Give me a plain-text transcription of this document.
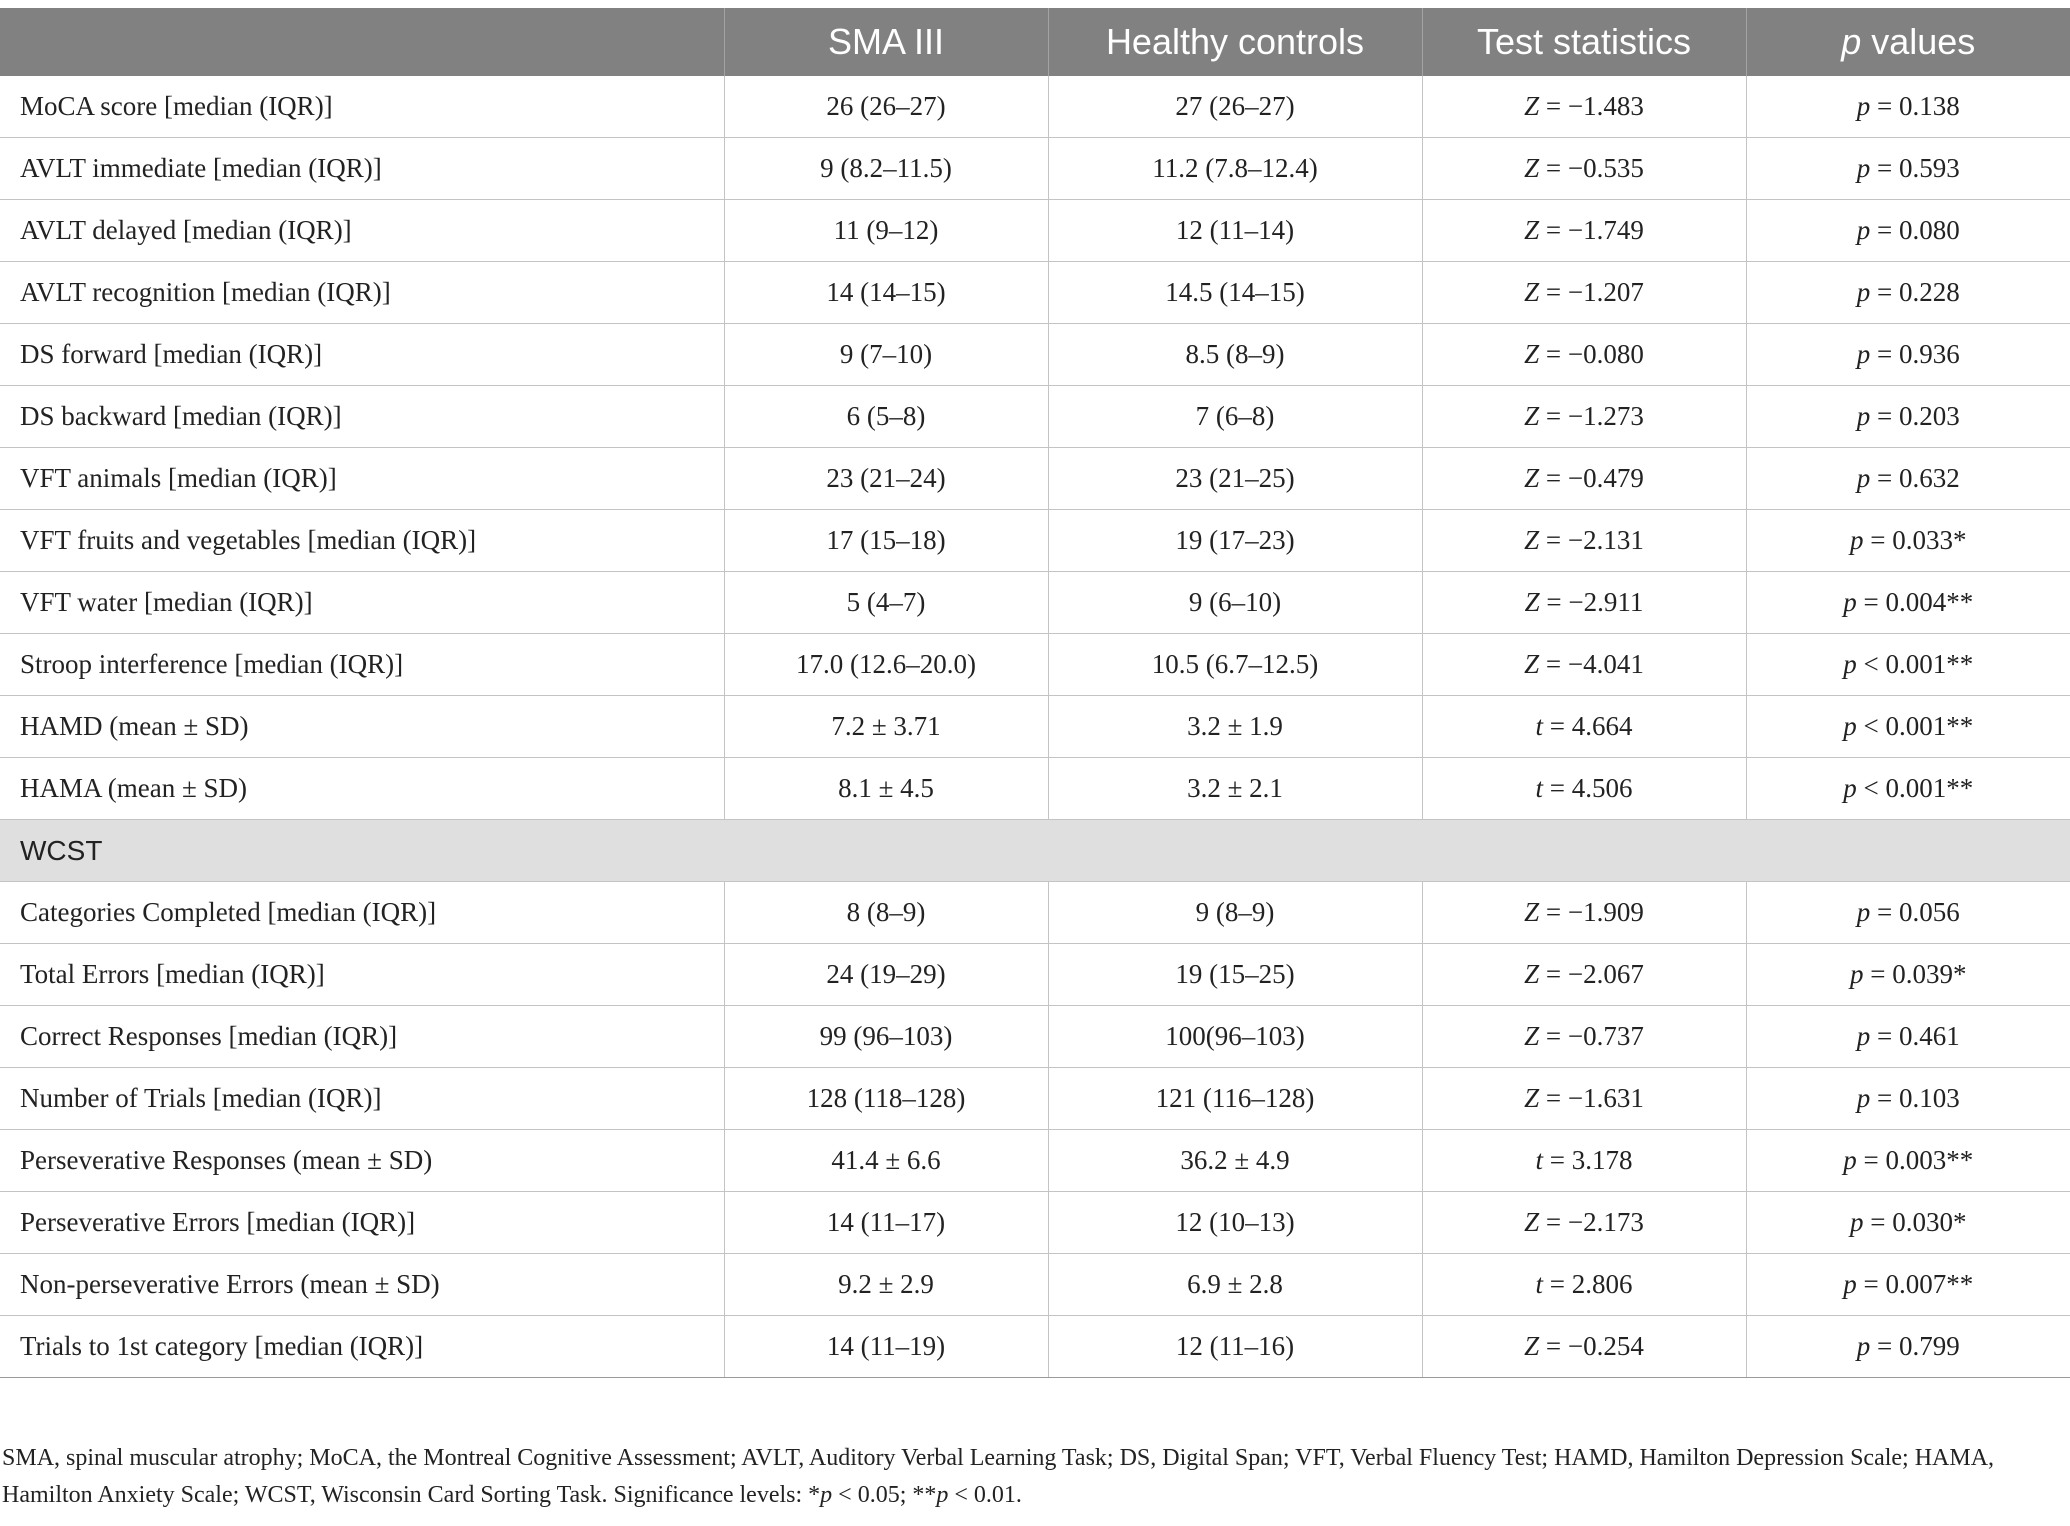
	SMA III	Healthy controls	Test statistics	p values
MoCA score [median (IQR)]	26 (26–27)	27 (26–27)	Z = −1.483	p = 0.138
AVLT immediate [median (IQR)]	9 (8.2–11.5)	11.2 (7.8–12.4)	Z = −0.535	p = 0.593
AVLT delayed [median (IQR)]	11 (9–12)	12 (11–14)	Z = −1.749	p = 0.080
AVLT recognition [median (IQR)]	14 (14–15)	14.5 (14–15)	Z = −1.207	p = 0.228
DS forward [median (IQR)]	9 (7–10)	8.5 (8–9)	Z = −0.080	p = 0.936
DS backward [median (IQR)]	6 (5–8)	7 (6–8)	Z = −1.273	p = 0.203
VFT animals [median (IQR)]	23 (21–24)	23 (21–25)	Z = −0.479	p = 0.632
VFT fruits and vegetables [median (IQR)]	17 (15–18)	19 (17–23)	Z = −2.131	p = 0.033*
VFT water [median (IQR)]	5 (4–7)	9 (6–10)	Z = −2.911	p = 0.004**
Stroop interference [median (IQR)]	17.0 (12.6–20.0)	10.5 (6.7–12.5)	Z = −4.041	p < 0.001**
HAMD (mean ± SD)	7.2 ± 3.71	3.2 ± 1.9	t = 4.664	p < 0.001**
HAMA (mean ± SD)	8.1 ± 4.5	3.2 ± 2.1	t = 4.506	p < 0.001**
WCST				
Categories Completed [median (IQR)]	8 (8–9)	9 (8–9)	Z = −1.909	p = 0.056
Total Errors [median (IQR)]	24 (19–29)	19 (15–25)	Z = −2.067	p = 0.039*
Correct Responses [median (IQR)]	99 (96–103)	100(96–103)	Z = −0.737	p = 0.461
Number of Trials [median (IQR)]	128 (118–128)	121 (116–128)	Z = −1.631	p = 0.103
Perseverative Responses (mean ± SD)	41.4 ± 6.6	36.2 ± 4.9	t = 3.178	p = 0.003**
Perseverative Errors [median (IQR)]	14 (11–17)	12 (10–13)	Z = −2.173	p = 0.030*
Non-perseverative Errors (mean ± SD)	9.2 ± 2.9	6.9 ± 2.8	t = 2.806	p = 0.007**
Trials to 1st category [median (IQR)]	14 (11–19)	12 (11–16)	Z = −0.254	p = 0.799
SMA, spinal muscular atrophy; MoCA, the Montreal Cognitive Assessment; AVLT, Auditory Verbal Learning Task; DS, Digital Span; VFT, Verbal Fluency Test; HAMD, Hamilton Depression Scale; HAMA, Hamilton Anxiety Scale; WCST, Wisconsin Card Sorting Task. Significance levels: *p < 0.05; **p < 0.01.
